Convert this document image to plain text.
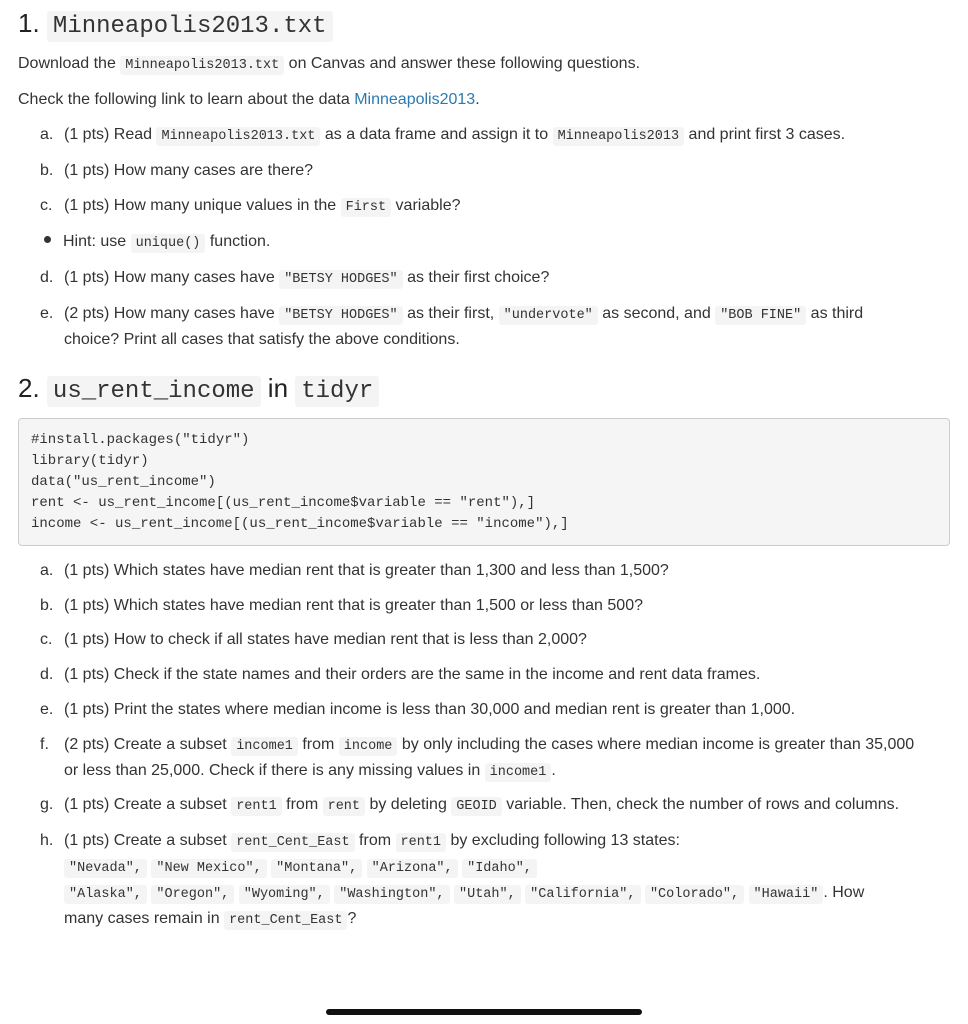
1. Minneapolis2013.txt

Download the Minneapolis2013.txt on Canvas and answer these following questions.

Check the following link to learn about the data Minneapolis2013.

a. (1 pts) Read Minneapolis2013.txt as a data frame and assign it to Minneapolis2013 and print first 3 cases.
b. (1 pts) How many cases are there?
c. (1 pts) How many unique values in the First variable?
Hint: use unique() function.
d. (1 pts) How many cases have "BETSY HODGES" as their first choice?
e. (2 pts) How many cases have "BETSY HODGES" as their first, "undervote" as second, and "BOB FINE" as third
choice? Print all cases that satisfy the above conditions.
2. us_rent_income in tidyr
#install.packages("tidyr")
library(tidyr)
data("us_rent_income")
rent <- us_rent_income[(us_rent_income$variable == "rent"),]
income <- us_rent_income[(us_rent_income$variable == "income"),]
a. (1 pts) Which states have median rent that is greater than 1,300 and less than 1,500?
b. (1 pts) Which states have median rent that is greater than 1,500 or less than 500?
c. (1 pts) How to check if all states have median rent that is less than 2,000?
d. (1 pts) Check if the state names and their orders are the same in the income and rent data frames.
e. (1 pts) Print the states where median income is less than 30,000 and median rent is greater than 1,000.
f. (2 pts) Create a subset income1 from income by only including the cases where median income is greater than 35,000
or less than 25,000. Check if there is any missing values in income1 .
g. (1 pts) Create a subset rent1 from rent by deleting GEOID variable. Then, check the number of rows and columns.
h. (1 pts) Create a subset rent_Cent_East from rent1 by excluding following 13 states:
"Nevada", "New Mexico", "Montana", "Arizona", "Idaho",
"Alaska", "Oregon", "Wyoming", "Washington", "Utah", "California", "Colorado", "Hawaii" . How
many cases remain in rent_Cent_East ?
